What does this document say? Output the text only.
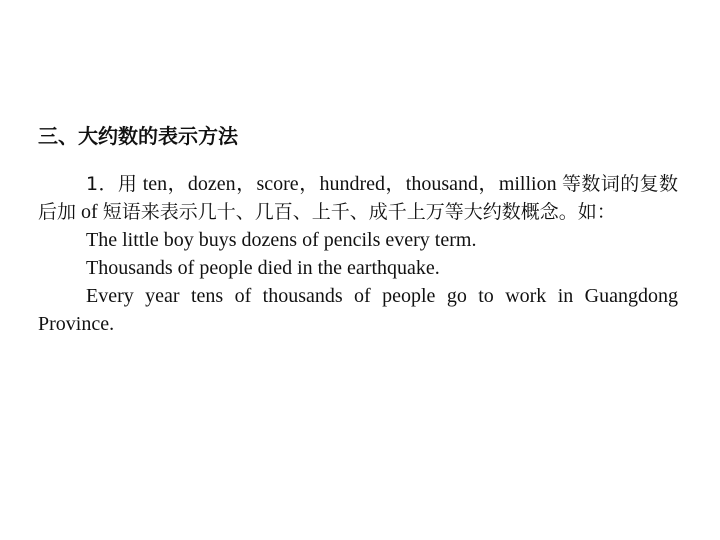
三、大约数的表示方法

1．用 ten，dozen，score，hundred，thousand，million 等数词的复数后加 of 短语来表示几十、几百、上千、成千上万等大约数概念。如：

The little boy buys dozens of pencils every term.

Thousands of people died in the earthquake.

Every year tens of thousands of people go to work in Guangdong Province.
